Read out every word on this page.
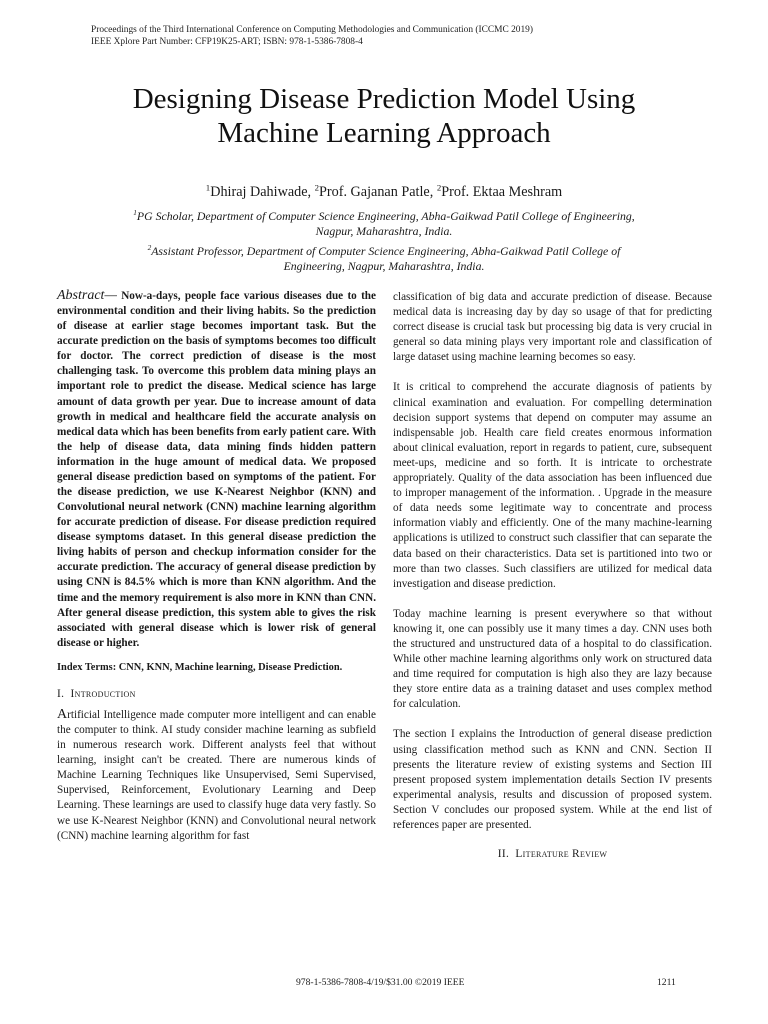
Proceedings of the Third International Conference on Computing Methodologies and Communication (ICCMC 2019)
IEEE Xplore Part Number: CFP19K25-ART; ISBN: 978-1-5386-7808-4
Designing Disease Prediction Model Using
Machine Learning Approach
$^1$Dhiraj Dahiwade, $^2$Prof. Gajanan Patle, $^2$Prof. Ektaa Meshram
$^1$PG Scholar, Department of Computer Science Engineering, Abha-Gaikwad Patil College of Engineering,
Nagpur, Maharashtra, India.
$^2$Assistant Professor, Department of Computer Science Engineering, Abha-Gaikwad Patil College of
Engineering, Nagpur, Maharashtra, India.

Abstract— Now-a-days, people face various diseases due to the environmental condition and their living habits. So the prediction of disease at earlier stage becomes important task. But the accurate prediction on the basis of symptoms becomes too difficult for doctor. The correct prediction of disease is the most challenging task. To overcome this problem data mining plays an important role to predict the disease. Medical science has large amount of data growth per year. Due to increase amount of data growth in medical and healthcare field the accurate analysis on medical data which has been benefits from early patient care. With the help of disease data, data mining finds hidden pattern information in the huge amount of medical data. We proposed general disease prediction based on symptoms of the patient. For the disease prediction, we use K-Nearest Neighbor (KNN) and Convolutional neural network (CNN) machine learning algorithm for accurate prediction of disease. For disease prediction required disease symptoms dataset. In this general disease prediction the living habits of person and checkup information consider for the accurate prediction. The accuracy of general disease prediction by using CNN is 84.5% which is more than KNN algorithm. And the time and the memory requirement is also more in KNN than CNN. After general disease prediction, this system able to gives the risk associated with general disease which is lower risk of general disease or higher.

Index Terms: CNN, KNN, Machine learning, Disease Prediction.

I. Introduction

Artificial Intelligence made computer more intelligent and can enable the computer to think. AI study consider machine learning as subfield in numerous research work. Different analysts feel that without learning, insight can't be created. There are numerous kinds of Machine Learning Techniques like Unsupervised, Semi Supervised, Supervised, Reinforcement, Evolutionary Learning and Deep Learning. These learnings are used to classify huge data very fastly. So we use K-Nearest Neighbor (KNN) and Convolutional neural network (CNN) machine learning algorithm for fast

classification of big data and accurate prediction of disease. Because medical data is increasing day by day so usage of that for predicting correct disease is crucial task but processing big data is very crucial in general so data mining plays very important role and classification of large dataset using machine learning becomes so easy.

It is critical to comprehend the accurate diagnosis of patients by clinical examination and evaluation. For compelling determination decision support systems that depend on computer may assume an indispensable job. Health care field creates enormous information about clinical evaluation, report in regards to patient, cure, subsequent meet-ups, medicine and so forth. It is intricate to orchestrate appropriately. Quality of the data association has been influenced due to improper management of the information. . Upgrade in the measure of data needs some legitimate way to concentrate and process information viably and efficiently. One of the many machine-learning applications is utilized to construct such classifier that can separate the data based on their characteristics. Data set is partitioned into two or more than two classes. Such classifiers are utilized for medical data investigation and disease prediction.

Today machine learning is present everywhere so that without knowing it, one can possibly use it many times a day. CNN uses both the structured and unstructured data of a hospital to do classification. While other machine learning algorithms only work on structured data and time required for computation is high also they are lazy because they store entire data as a training dataset and uses complex method for calculation.

The section I explains the Introduction of general disease prediction using classification method such as KNN and CNN. Section II presents the literature review of existing systems and Section III present proposed system implementation details Section IV presents experimental analysis, results and discussion of proposed system. Section V concludes our proposed system. While at the end list of references paper are presented.

II. Literature Review
978-1-5386-7808-4/19/$31.00 ©2019 IEEE	1211
